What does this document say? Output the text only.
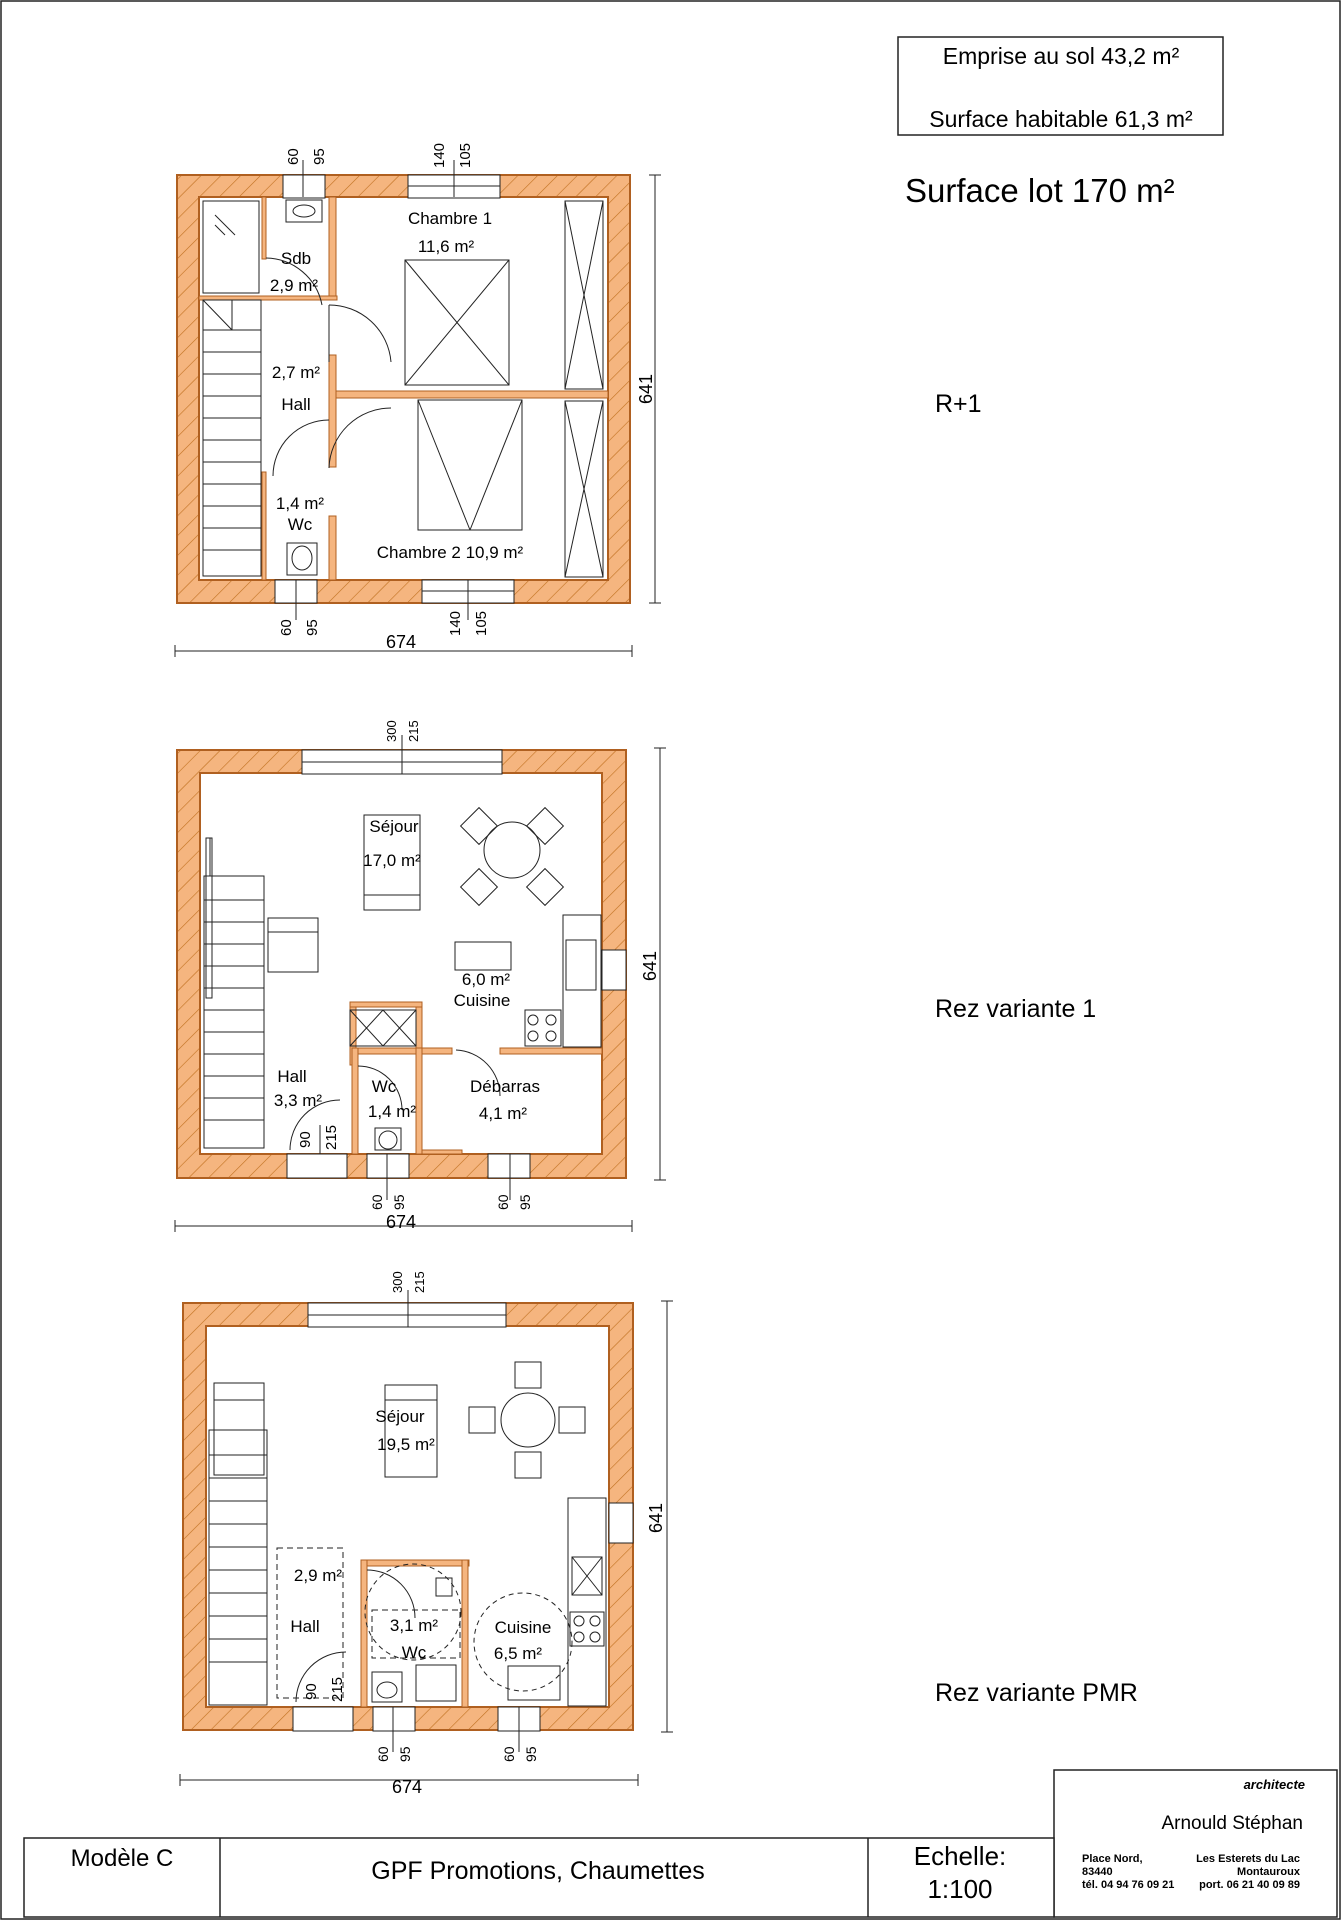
Emprise au sol 43,2 m²
Surface habitable 61,3 m²
Surface lot 170 m²
R+1
Rez variante 1
Rez variante PMR
Chambre 1
11,6 m²
Sdb
2,9 m²
2,7 m²
Hall
1,4 m²
Wc
Chambre 2 10,9 m²
674
641
60 95	140 105
60 95	140 105
Séjour
17,0 m²
6,0 m²
Cuisine
Hall
3,3 m²
Wc
1,4 m²
Débarras
4,1 m²
674
641
300 215
60 95	60 95
90 215
Séjour
19,5 m²
2,9 m²
Hall	3,1 m²
Wc
Cuisine
6,5 m²
674
641
300 215
60 95	60 95
90 215
architecte
Arnould Stéphan
Place Nord,
83440
tél. 04 94 76 09 21
Les Esterets du Lac
Montauroux
port. 06 21 40 09 89
Modèle C	GPF Promotions, Chaumettes	Echelle:
1:100
